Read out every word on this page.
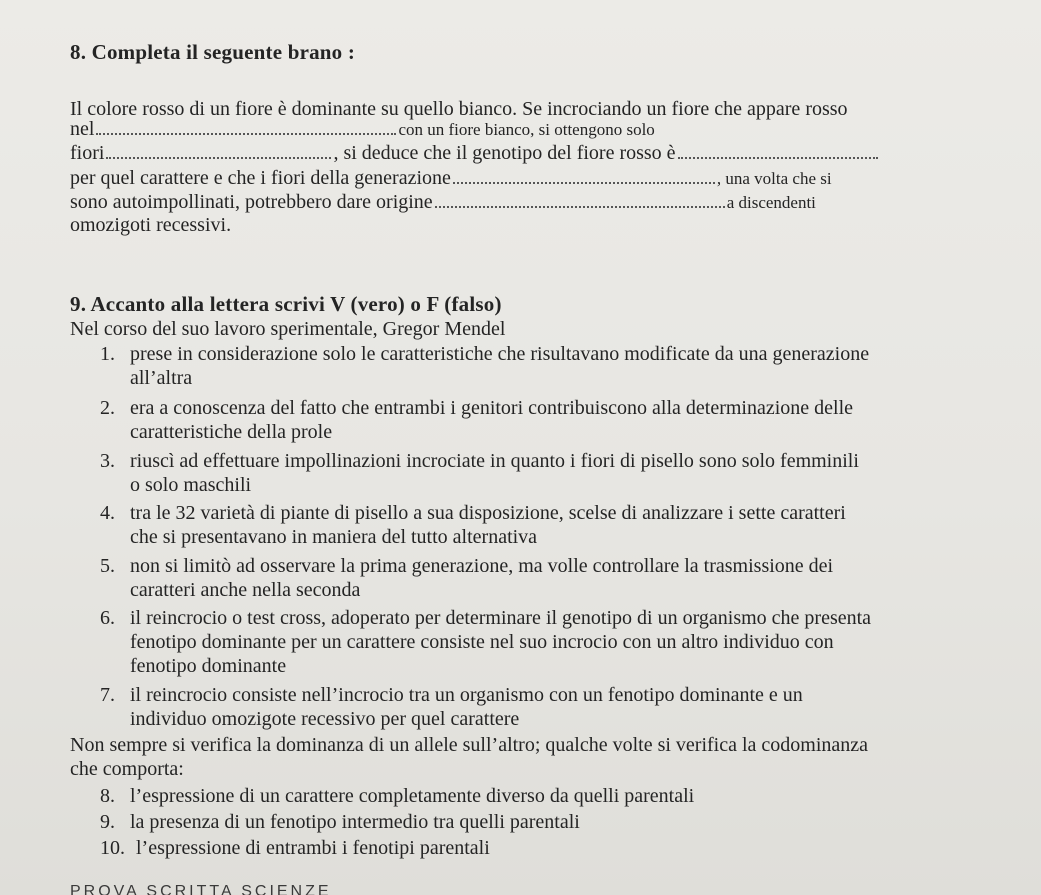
8. Completa il seguente brano :
Il colore rosso di un fiore è dominante su quello bianco. Se incrociando un fiore che appare rosso
nel	con un fiore bianco, si ottengono solo
fiori	, si deduce che il genotipo del fiore rosso è
per quel carattere e che i fiori della generazione	, una volta che si
sono autoimpollinati, potrebbero dare origine	a discendenti
omozigoti recessivi.
9. Accanto alla lettera scrivi V (vero) o F (falso)
Nel corso del suo lavoro sperimentale, Gregor Mendel
1. prese in considerazione solo le caratteristiche che risultavano modificate da una generazione
all’altra
2. era a conoscenza del fatto che entrambi i genitori contribuiscono alla determinazione delle
caratteristiche della prole
3. riuscì ad effettuare impollinazioni incrociate in quanto i fiori di pisello sono solo femminili
o solo maschili
4. tra le 32 varietà di piante di pisello a sua disposizione, scelse di analizzare i sette caratteri
che si presentavano in maniera del tutto alternativa
5. non si limitò ad osservare la prima generazione, ma volle controllare la trasmissione dei
caratteri anche nella seconda
6. il reincrocio o test cross, adoperato per determinare il genotipo di un organismo che presenta
fenotipo dominante per un carattere consiste nel suo incrocio con un altro individuo con
fenotipo dominante
7. il reincrocio consiste nell’incrocio tra un organismo con un fenotipo dominante e un
individuo omozigote recessivo per quel carattere
Non sempre si verifica la dominanza di un allele sull’altro; qualche volte si verifica la codominanza
che comporta:
8. l’espressione di un carattere completamente diverso da quelli parentali
9. la presenza di un fenotipo intermedio tra quelli parentali
10. l’espressione di entrambi i fenotipi parentali
PROVA SCRITTA SCIENZE
